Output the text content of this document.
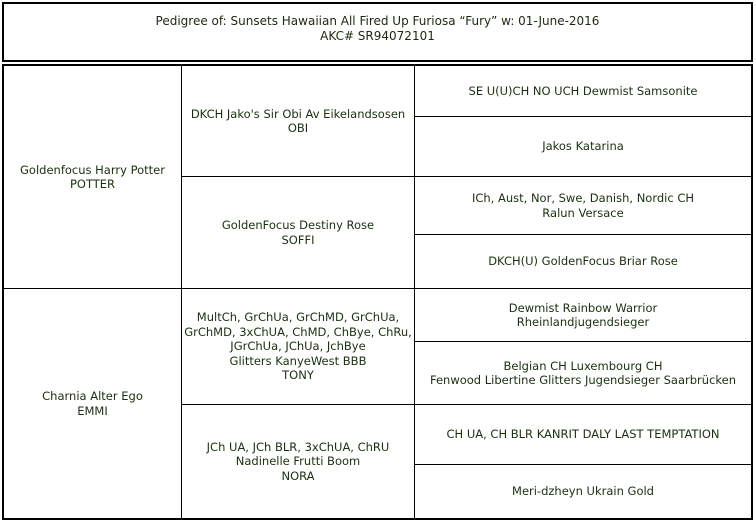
Pedigree of: Sunsets Hawaiian All Fired Up Furiosa “Fury” w: 01-June-2016
AKC# SR94072101
Goldenfocus Harry Potter
POTTER
Charnia Alter Ego
EMMI
DKCH Jako's Sir Obi Av Eikelandsosen
OBI
GoldenFocus Destiny Rose
SOFFI
MultCh, GrChUa, GrChMD, GrChUa,
GrChMD, 3xChUA, ChMD, ChBye, ChRu,
JGrChUa, JChUa, JchBye
Glitters KanyeWest BBB
TONY
JCh UA, JCh BLR, 3xChUA, ChRU
Nadinelle Frutti Boom
NORA
SE U(U)CH NO UCH Dewmist Samsonite
Jakos Katarina
ICh, Aust, Nor, Swe, Danish, Nordic CH
Ralun Versace
DKCH(U) GoldenFocus Briar Rose
Dewmist Rainbow Warrior
Rheinlandjugendsieger
Belgian CH Luxembourg CH
Fenwood Libertine Glitters Jugendsieger Saarbrücken
CH UA, CH BLR KANRIT DALY LAST TEMPTATION
Meri-dzheyn Ukrain Gold
